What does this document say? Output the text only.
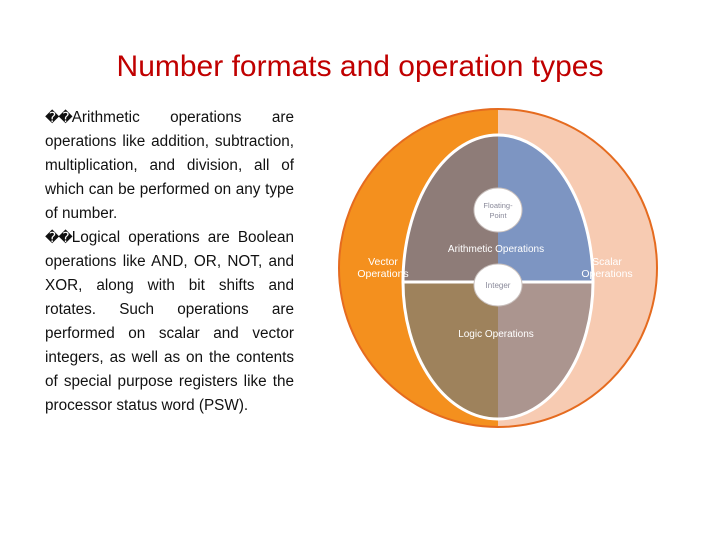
Number formats and operation types

��Arithmetic operations are operations like addition, subtraction, multiplication, and division, all of which can be performed on any type of number.

��Logical operations are Boolean operations like AND, OR, NOT, and XOR, along with bit shifts and rotates. Such operations are performed on scalar and vector integers, as well as on the contents of special purpose registers like the processor status word (PSW).

Vector
Operations
Scalar
Operations
Arithmetic Operations
Logic Operations
Floating-
Point
Integer
